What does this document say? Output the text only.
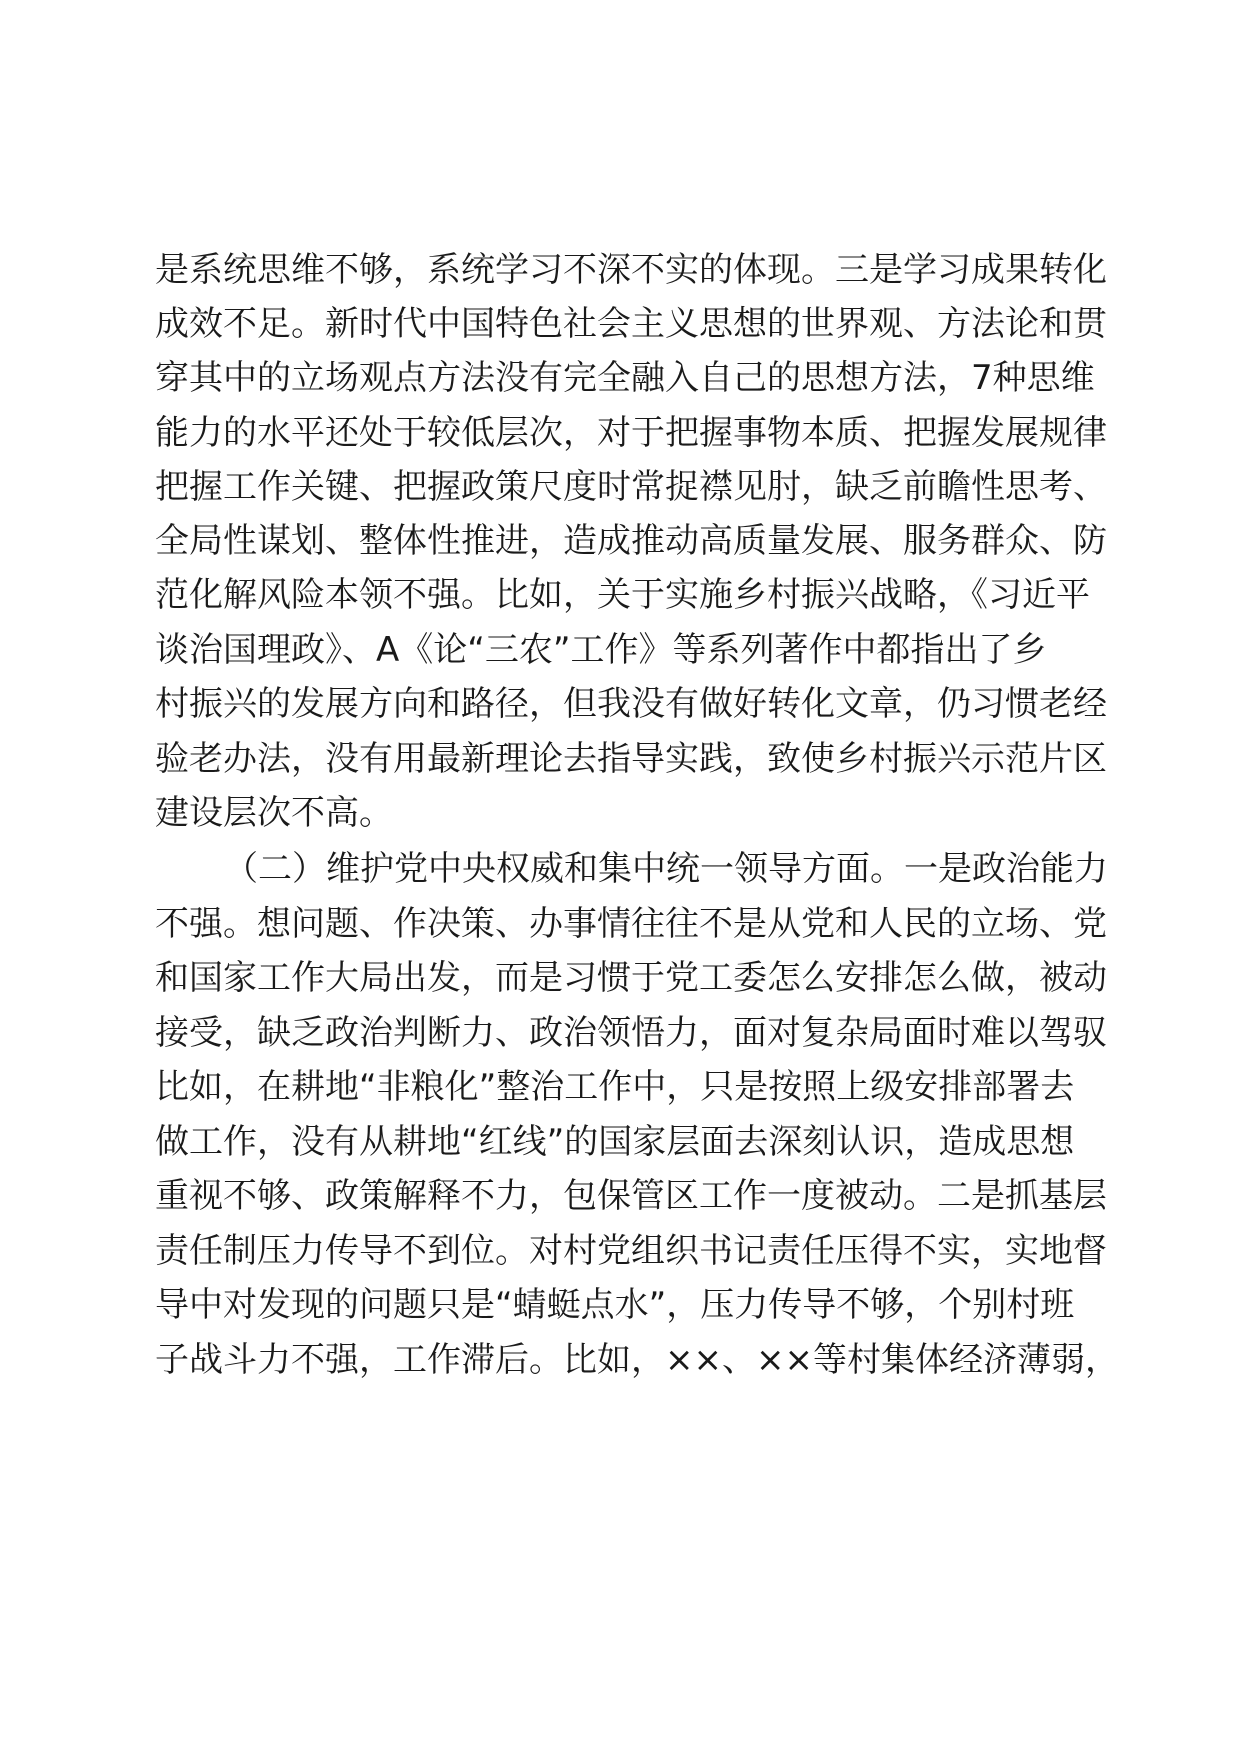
是系统思维不够，系统学习不深不实的体现。三是学习成果转化
成效不足。新时代中国特色社会主义思想的世界观、方法论和贯
穿其中的立场观点方法没有完全融入自己的思想方法，7种思维
能力的水平还处于较低层次，对于把握事物本质、把握发展规律
把握工作关键、把握政策尺度时常捉襟见肘，缺乏前瞻性思考、
全局性谋划、整体性推进，造成推动高质量发展、服务群众、防
范化解风险本领不强。比如，关于实施乡村振兴战略，《习近平
谈治国理政》、A《论“三农”工作》等系列著作中都指出了乡
村振兴的发展方向和路径，但我没有做好转化文章，仍习惯老经
验老办法，没有用最新理论去指导实践，致使乡村振兴示范片区
建设层次不高。
（二）维护党中央权威和集中统一领导方面。一是政治能力
不强。想问题、作决策、办事情往往不是从党和人民的立场、党
和国家工作大局出发，而是习惯于党工委怎么安排怎么做，被动
接受，缺乏政治判断力、政治领悟力，面对复杂局面时难以驾驭
比如，在耕地“非粮化”整治工作中，只是按照上级安排部署去
做工作，没有从耕地“红线”的国家层面去深刻认识，造成思想
重视不够、政策解释不力，包保管区工作一度被动。二是抓基层
责任制压力传导不到位。对村党组织书记责任压得不实，实地督
导中对发现的问题只是“蜻蜓点水”，压力传导不够，个别村班
子战斗力不强，工作滞后。比如，××、××等村集体经济薄弱，
